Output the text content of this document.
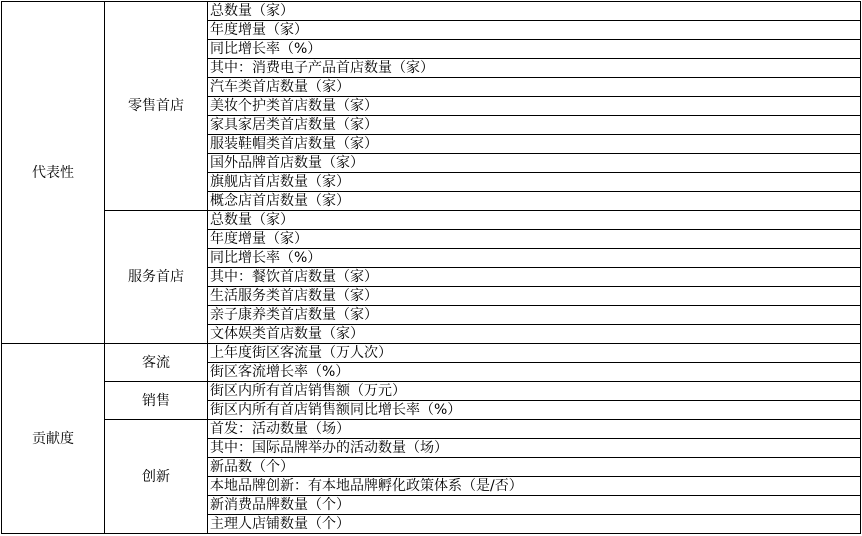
代表性	零售首店	总数量（家）
		年度增量（家）
		同比增长率（%）
		其中：消费电子产品首店数量（家）
		汽车类首店数量（家）
		美妆个护类首店数量（家）
		家具家居类首店数量（家）
		服装鞋帽类首店数量（家）
		国外品牌首店数量（家）
		旗舰店首店数量（家）
		概念店首店数量（家）
	服务首店	总数量（家）
		年度增量（家）
		同比增长率（%）
		其中：餐饮首店数量（家）
		生活服务类首店数量（家）
		亲子康养类首店数量（家）
		文体娱类首店数量（家）
贡献度	客流	上年度街区客流量（万人次）
		街区客流增长率（%）
	销售	街区内所有首店销售额（万元）
		街区内所有首店销售额同比增长率（%）
	创新	首发：活动数量（场）
		其中：国际品牌举办的活动数量（场）
		新品数（个）
		本地品牌创新：有本地品牌孵化政策体系（是/否）
		新消费品牌数量（个）
		主理人店铺数量（个）
